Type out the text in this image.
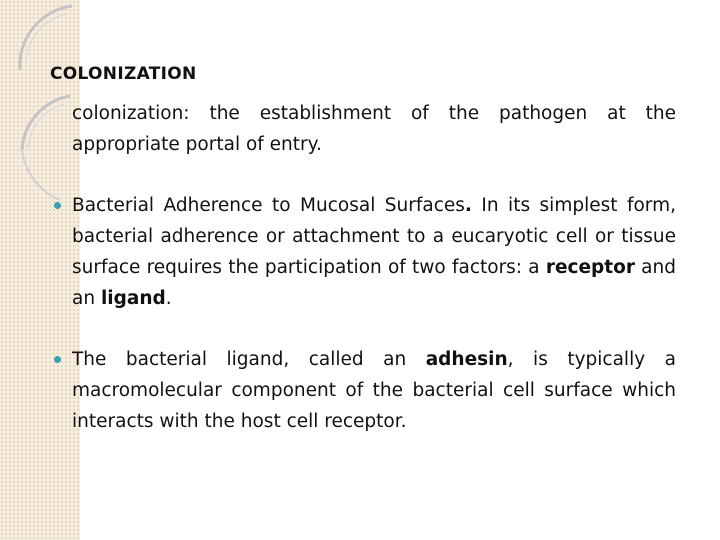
COLONIZATION

colonization: the establishment of the pathogen at the appropriate portal of entry.

Bacterial Adherence to Mucosal Surfaces. In its simplest form, bacterial adherence or attachment to a eucaryotic cell or tissue surface requires the participation of two factors: a receptor and an ligand.

The bacterial ligand, called an adhesin, is typically a macromolecular component of the bacterial cell surface which interacts with the host cell receptor.
